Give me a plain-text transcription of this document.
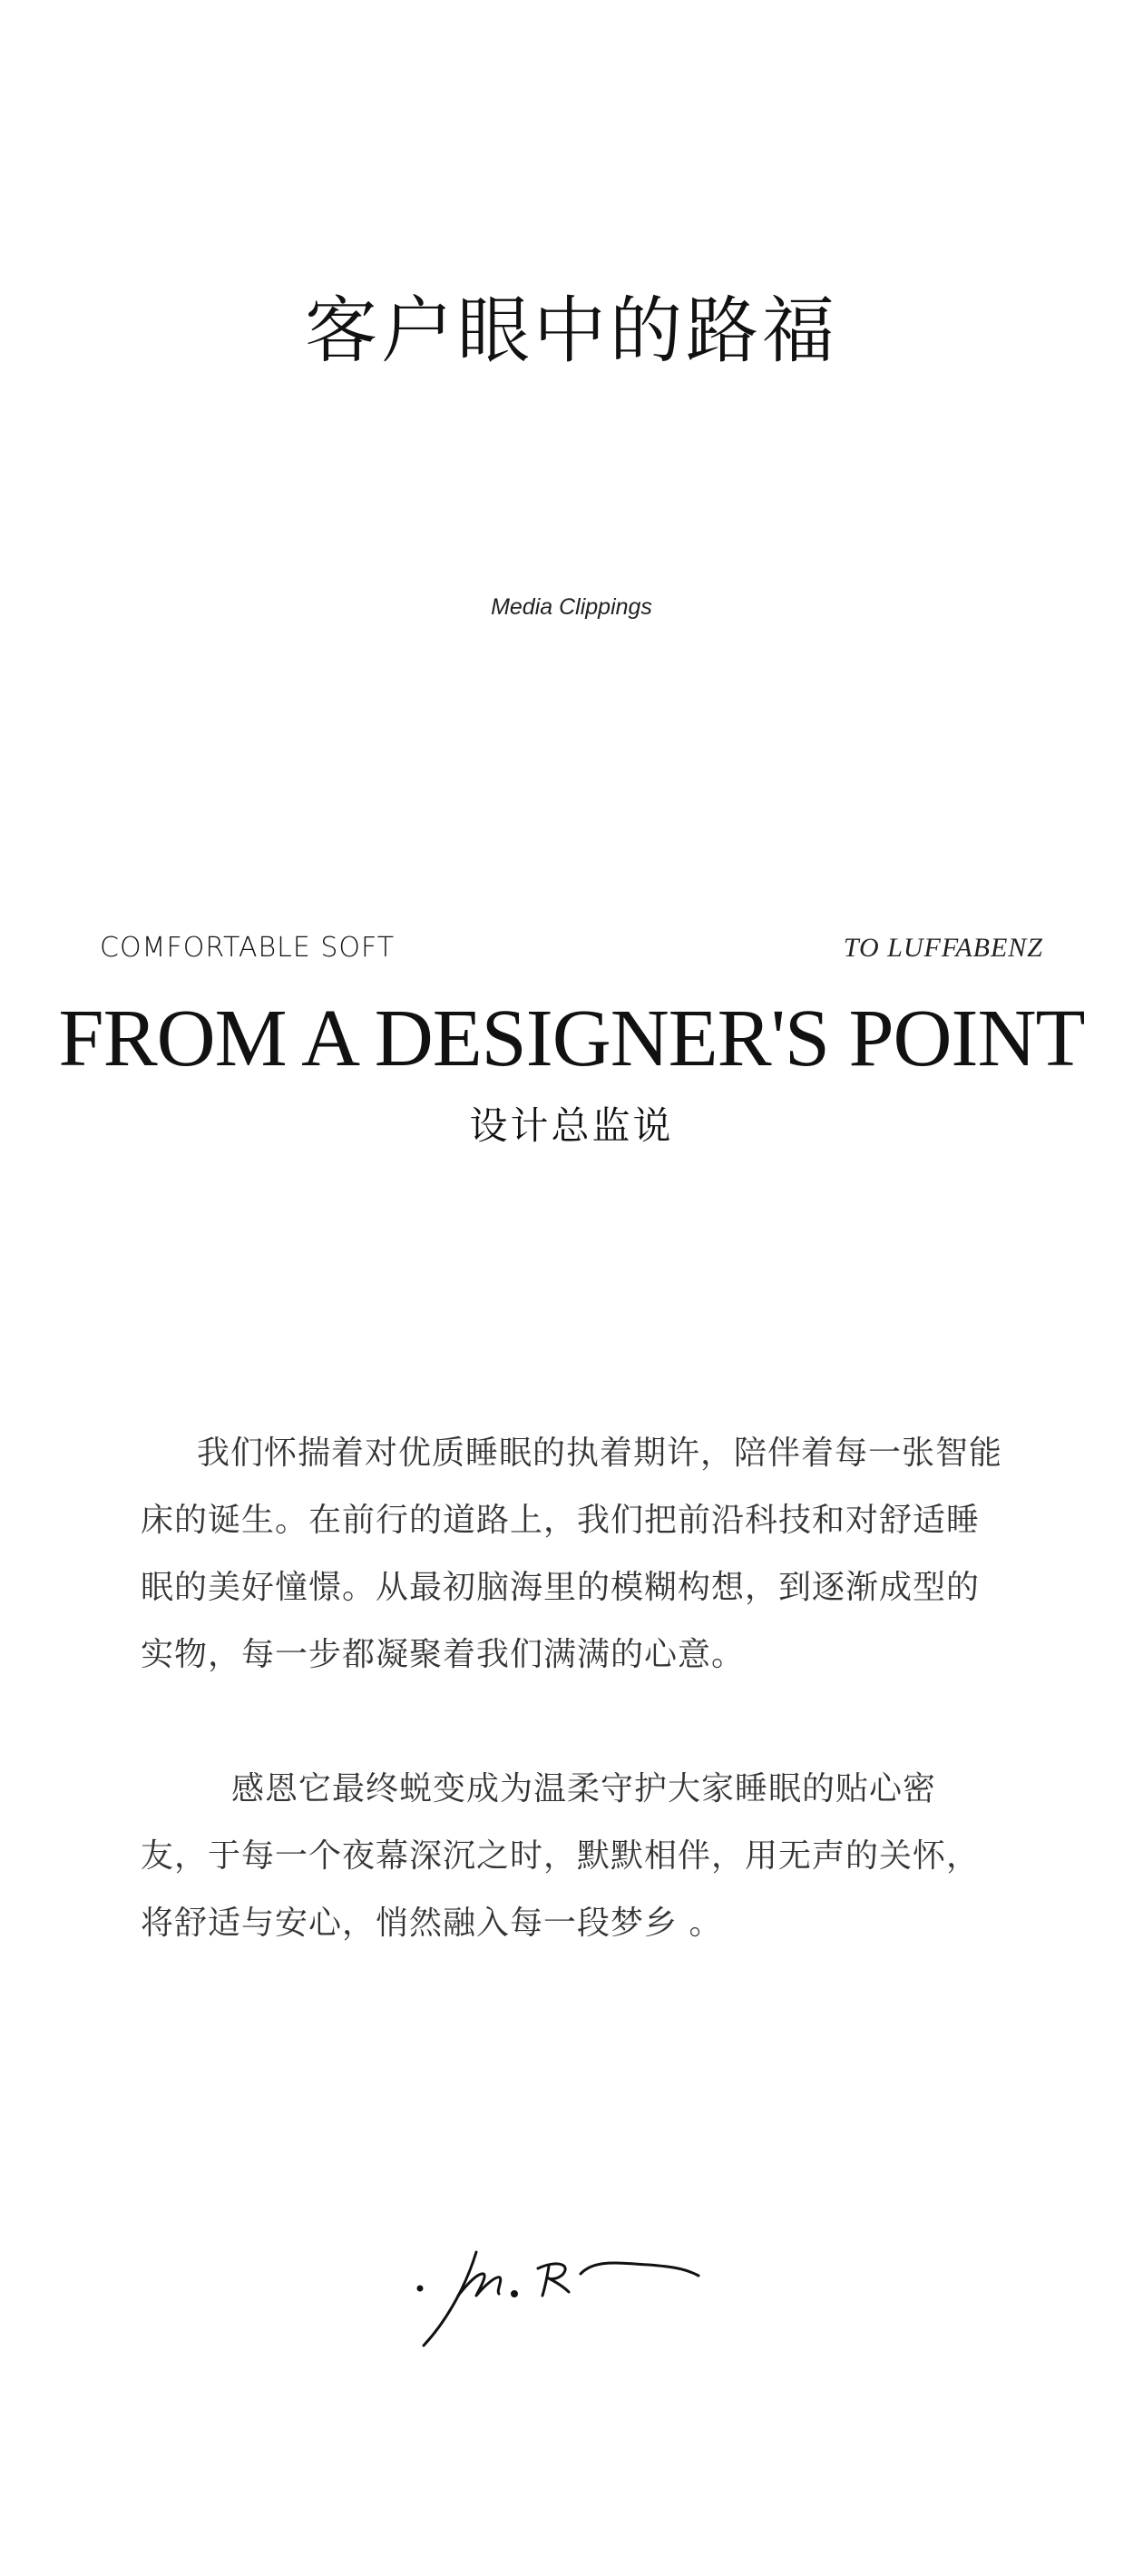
客户眼中的路福
Media Clippings
COMFORTABLE SOFT	TO LUFFABENZ
FROM A DESIGNER'S POINT
设计总监说

我们怀揣着对优质睡眠的执着期许，陪伴着每一张智能床的诞生。在前行的道路上，我们把前沿科技和对舒适睡眠的美好憧憬。从最初脑海里的模糊构想，到逐渐成型的实物，每一步都凝聚着我们满满的心意。

感恩它最终蜕变成为温柔守护大家睡眠的贴心密友，于每一个夜幕深沉之时，默默相伴，用无声的关怀，将舒适与安心，悄然融入每一段梦乡 。
